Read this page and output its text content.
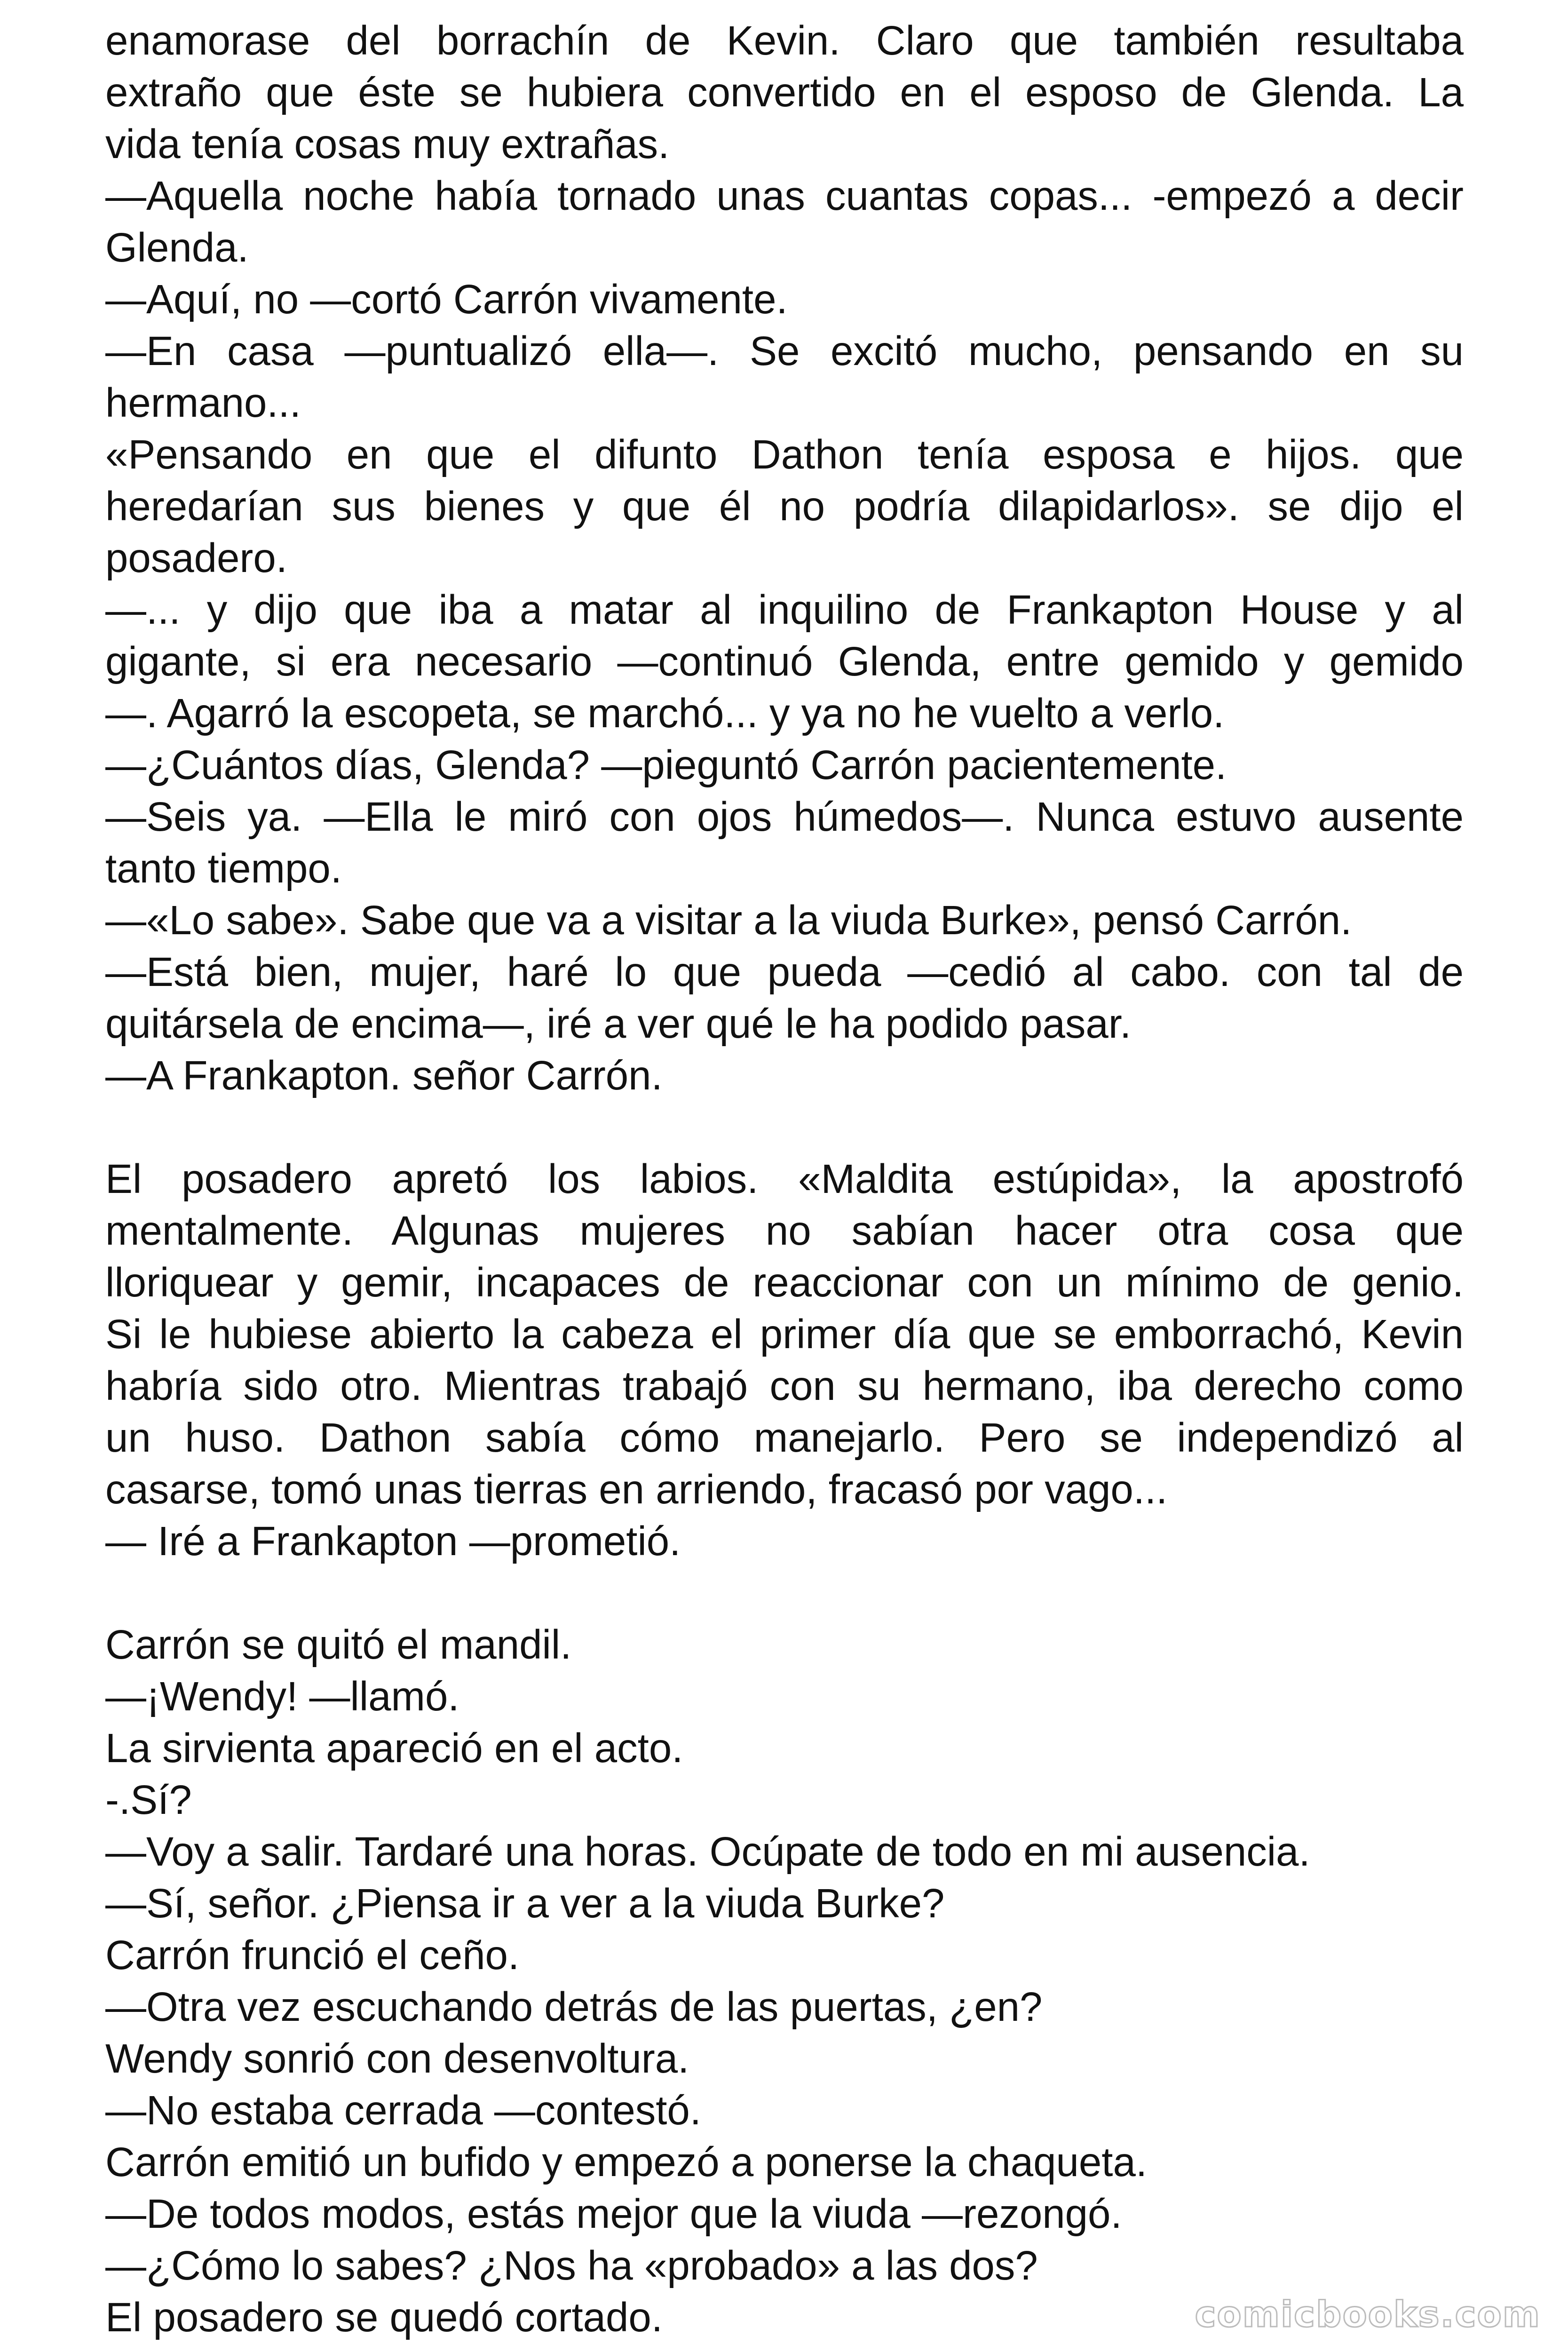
enamorase del borrachín de Kevin. Claro que también resultaba

extraño que éste se hubiera convertido en el esposo de Glenda. La

vida tenía cosas muy extrañas.

—Aquella noche había tornado unas cuantas copas... -empezó a decir

Glenda.

—Aquí, no —cortó Carrón vivamente.

—En casa —puntualizó ella—. Se excitó mucho, pensando en su

hermano...

«Pensando en que el difunto Dathon tenía esposa e hijos. que

heredarían sus bienes y que él no podría dilapidarlos». se dijo el

posadero.

—... y dijo que iba a matar al inquilino de Frankapton House y al

gigante, si era necesario —continuó Glenda, entre gemido y gemido

—. Agarró la escopeta, se marchó... y ya no he vuelto a verlo.

—¿Cuántos días, Glenda? —pieguntó Carrón pacientemente.

—Seis ya. —Ella le miró con ojos húmedos—. Nunca estuvo ausente

tanto tiempo.

—«Lo sabe». Sabe que va a visitar a la viuda Burke», pensó Carrón.

—Está bien, mujer, haré lo que pueda —cedió al cabo. con tal de

quitársela de encima—, iré a ver qué le ha podido pasar.

—A Frankapton. señor Carrón.

El posadero apretó los labios. «Maldita estúpida», la apostrofó

mentalmente. Algunas mujeres no sabían hacer otra cosa que

lloriquear y gemir, incapaces de reaccionar con un mínimo de genio.

Si le hubiese abierto la cabeza el primer día que se emborrachó, Kevin

habría sido otro. Mientras trabajó con su hermano, iba derecho como

un huso. Dathon sabía cómo manejarlo. Pero se independizó al

casarse, tomó unas tierras en arriendo, fracasó por vago...

— Iré a Frankapton —prometió.

Carrón se quitó el mandil.

—¡Wendy! —llamó.

La sirvienta apareció en el acto.

-.Sí?

—Voy a salir. Tardaré una horas. Ocúpate de todo en mi ausencia.

—Sí, señor. ¿Piensa ir a ver a la viuda Burke?

Carrón frunció el ceño.

—Otra vez escuchando detrás de las puertas, ¿en?

Wendy sonrió con desenvoltura.

—No estaba cerrada —contestó.

Carrón emitió un bufido y empezó a ponerse la chaqueta.

—De todos modos, estás mejor que la viuda —rezongó.

—¿Cómo lo sabes? ¿Nos ha «probado» a las dos?

El posadero se quedó cortado.	comicbooks.com
